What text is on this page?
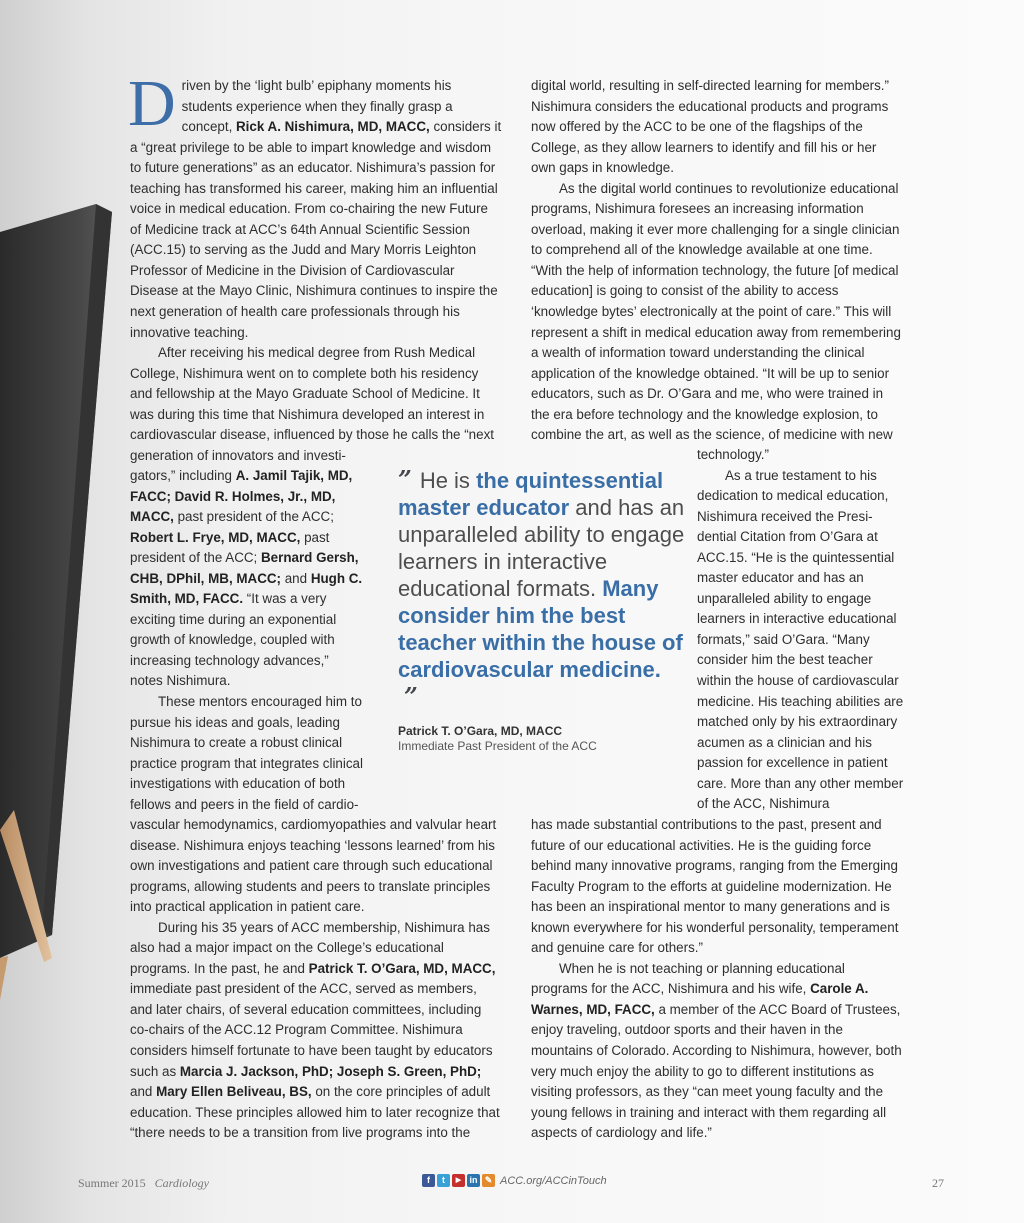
D riven by the ‘light bulb’ epiphany moments his students experience when they finally grasp a concept, Rick A. Nishimura, MD, MACC, considers it a “great privilege to be able to impart knowledge and wisdom to future generations” as an educator. Nishimura’s passion for teaching has transformed his career, making him an influential voice in medical education. From co-chairing the new Future of Medicine track at ACC’s 64th Annual Scientific Session (ACC.15) to serving as the Judd and Mary Morris Leighton Professor of Medicine in the Division of Cardiovascular Disease at the Mayo Clinic, Nishimura continues to inspire the next generation of health care professionals through his innovative teaching.

After receiving his medical degree from Rush Medical College, Nishimura went on to complete both his residency and fellowship at the Mayo Graduate School of Medicine. It was during this time that Nishimura developed an interest in cardiovascular disease, influenced by those he calls the “next generation of innovators and investi-

gators,” including A. Jamil Tajik, MD, FACC; David R. Holmes, Jr., MD, MACC, past president of the ACC; Robert L. Frye, MD, MACC, past president of the ACC; Bernard Gersh, CHB, DPhil, MB, MACC; and Hugh C. Smith, MD, FACC. “It was a very exciting time during an exponential growth of knowledge, coupled with increasing technology advances,” notes Nishimura.

These mentors encouraged him to pursue his ideas and goals, leading Nishimura to create a robust clinical practice program that integrates clinical investigations with education of both fellows and peers in the field of cardio-

vascular hemodynamics, cardiomyopathies and valvular heart disease. Nishimura enjoys teaching ‘lessons learned’ from his own investigations and patient care through such educational programs, allowing students and peers to translate principles into practical application in patient care.

During his 35 years of ACC membership, Nishimura has also had a major impact on the College’s educational programs. In the past, he and Patrick T. O’Gara, MD, MACC, immediate past president of the ACC, served as members, and later chairs, of several education committees, including co-chairs of the ACC.12 Program Committee. Nishimura considers himself fortunate to have been taught by educators such as Marcia J. Jackson, PhD; Joseph S. Green, PhD; and Mary Ellen Beliveau, BS, on the core principles of adult education. These principles allowed him to later recognize that “there needs to be a transition from live programs into the

digital world, resulting in self-directed learning for members.” Nishimura considers the educational products and programs now offered by the ACC to be one of the flagships of the College, as they allow learners to identify and fill his or her own gaps in knowledge.

As the digital world continues to revolutionize educational programs, Nishimura foresees an increasing information overload, making it ever more challenging for a single clinician to comprehend all of the knowledge available at one time. “With the help of information technology, the future [of medical education] is going to consist of the ability to access ‘knowledge bytes’ electronically at the point of care.” This will represent a shift in medical education away from remembering a wealth of information toward understanding the clinical application of the knowledge obtained. “It will be up to senior educators, such as Dr. O’Gara and me, who were trained in the era before technology and the knowledge explosion, to combine the art, as well as the science, of medicine with new

technology.”

As a true testament to his dedication to medical education, Nishimura received the Presidential Citation from O’Gara at ACC.15. “He is the quintessential master educator and has an unparalleled ability to engage learners in interactive educational formats,” said O’Gara. “Many consider him the best teacher within the house of cardiovascular medicine. His teaching abilities are matched only by his extraordinary acumen as a clinician and his passion for excellence in patient care. More than any other member of the ACC, Nishimura

has made substantial contributions to the past, present and future of our educational activities. He is the guiding force behind many innovative programs, ranging from the Emerging Faculty Program to the efforts at guideline modernization. He has been an inspirational mentor to many generations and is known everywhere for his wonderful personality, temperament and genuine care for others.”

When he is not teaching or planning educational programs for the ACC, Nishimura and his wife, Carole A. Warnes, MD, FACC, a member of the ACC Board of Trustees, enjoy traveling, outdoor sports and their haven in the mountains of Colorado. According to Nishimura, however, both very much enjoy the ability to go to different institutions as visiting professors, as they “can meet young faculty and the young fellows in training and interact with them regarding all aspects of cardiology and life.”

” He is the quintessential master educator and has an unparalleled ability to engage learners in interactive educational formats. Many consider him the best teacher within the house of cardiovascular medicine. ”
Patrick T. O’Gara, MD, MACC
Immediate Past President of the ACC
Summer 2015 Cardiology	f	t	▶ in ✎ ACC.org/ACCinTouch	27
